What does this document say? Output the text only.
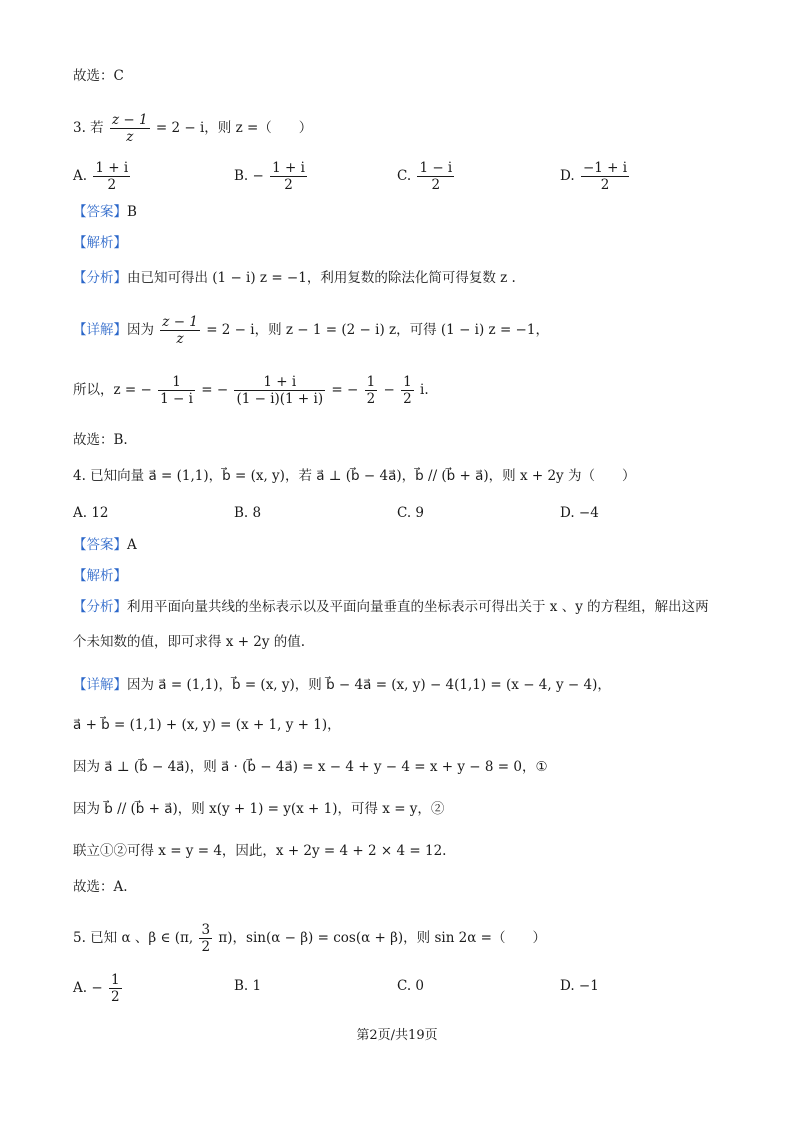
故选：C
3. 若 $\frac{z - 1}{z} = 2 - i$，则 z =（　　）
A. $\frac{1 + i}{2}$	B. − $\frac{1 + i}{2}$	C. $\frac{1 - i}{2}$	D. $\frac{-1 + i}{2}$
【答案】B
【解析】
【分析】由已知可得出 (1 − i) z = −1，利用复数的除法化简可得复数 z .
【详解】因为 $\frac{z - 1}{z} = 2 - i$，则 z − 1 = (2 − i) z，可得 (1 − i) z = −1，
所以，z = − $\frac{1}{1 - i}$ = − $\frac{1 + i}{(1 - i)(1 + i)}$ = − $\frac{1}{2} - \frac{1}{2} i$.
故选：B.
4. 已知向量 a⃗ = (1,1)，b⃗ = (x, y)，若 a⃗ ⊥ (b⃗ − 4a⃗)，b⃗ // (b⃗ + a⃗)，则 x + 2y 为（　　）
A. 12	B. 8	C. 9	D. −4
【答案】A
【解析】
【分析】利用平面向量共线的坐标表示以及平面向量垂直的坐标表示可得出关于 x 、y 的方程组，解出这两
个未知数的值，即可求得 x + 2y 的值.
【详解】因为 a⃗ = (1,1)，b⃗ = (x, y)，则 b⃗ − 4a⃗ = (x, y) − 4(1,1) = (x − 4, y − 4)，
a⃗ + b⃗ = (1,1) + (x, y) = (x + 1, y + 1)，
因为 a⃗ ⊥ (b⃗ − 4a⃗)，则 a⃗ · (b⃗ − 4a⃗) = x − 4 + y − 4 = x + y − 8 = 0，①
因为 b⃗ // (b⃗ + a⃗)，则 x(y + 1) = y(x + 1)，可得 x = y，②
联立①②可得 x = y = 4，因此，x + 2y = 4 + 2 × 4 = 12.
故选：A.
5. 已知 α 、β ∈ (π, $\frac{3}{2} \pi$)，sin(α − β) = cos(α + β)，则 sin 2α =（　　）
A. − $\frac{1}{2}$	B. 1	C. 0	D. −1
第2页/共19页
